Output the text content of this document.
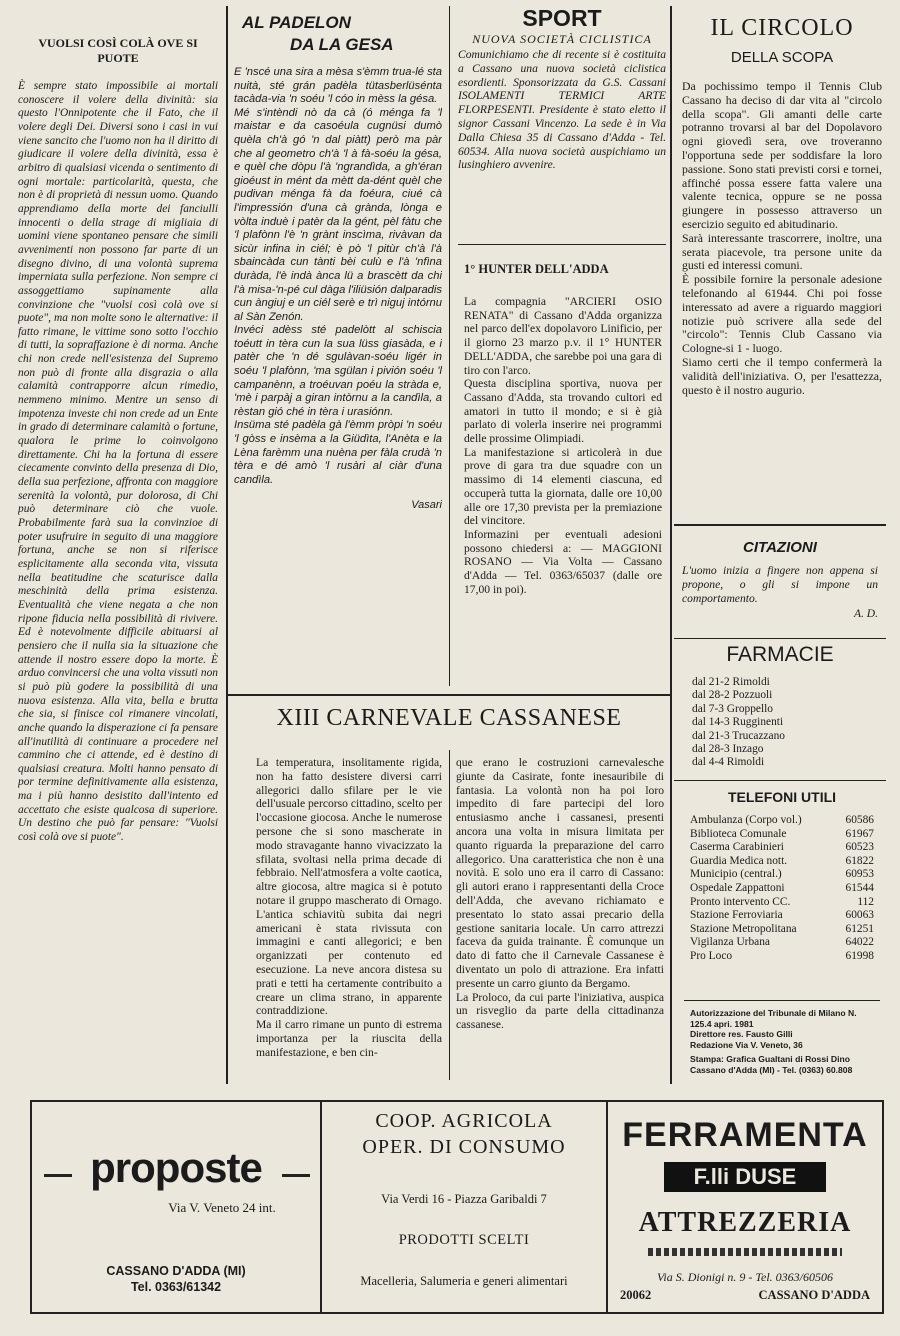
VUOLSI COSÌ COLÀ OVE SI PUOTE

È sempre stato impossibile ai mortali conoscere il volere della divinità: sia questo l'Onnipotente che il Fato, che il volere degli Dei. Diversi sono i casi in vui viene sancito che l'uomo non ha il diritto di giudicare il volere della divinità, essa è arbitro di qualsiasi vicenda o sentimento di ogni mortale: particolarità, questa, che non è di proprietà di nessun uomo. Quando apprendiamo della morte dei fanciulli innocenti o della strage di migliaia di uomini viene spontaneo pensare che simili avvenimenti non possono far parte di un disegno divino, di una volontà suprema imperniata sulla perfezione. Non sempre ci assoggettiamo supinamente alla convinzione che "vuolsi così colà ove si puote", ma non molte sono le alternative: il fatto rimane, le vittime sono sotto l'occhio di tutti, la sopraffazione è di norma. Anche chi non crede nell'esistenza del Supremo non può di fronte alla disgrazia o alla calamità contrapporre alcun rimedio, nemmeno minimo. Mentre un senso di impotenza investe chi non crede ad un Ente in grado di determinare calamità o fortune, qualora le prime lo coinvolgono direttamente. Chi ha la fortuna di essere ciecamente convinto della presenza di Dio, della sua perfezione, affronta con maggiore serenità la volontà, pur dolorosa, di Chi può determinare ciò che vuole. Probabilmente farà sua la convinzioe di poter usufruire in seguito di una maggiore fortuna, anche se non si riferisce esplicitamente alla seconda vita, vissuta nella beatitudine che scaturisce dalla meschinità della prima esistenza. Eventualità che viene negata a che non ripone fiducia nella possibilità di rivivere. Ed è notevolmente difficile abituarsi al pensiero che il nulla sia la situazione che attende il nostro essere dopo la morte. È arduo convincersi che una volta vissuti non si può più godere la possibilità di una nuova esistenza. Alla vita, bella e brutta che sia, si finisce col rimanere vincolati, anche quando la disperazione ci fa pensare all'inutilità di continuare a procedere nel cammino che ci attende, ed è destino di qualsiasi creatura. Molti hanno pensato di por termine definitivamente alla esistenza, ma i più hanno desistito dall'intento ed accettato che esiste qualcosa di superiore. Un destino che può far pensare: "Vuolsi così colà ove si puote".

AL PADELON
DA LA GESA

E 'nscé una sira a mèsa s'èmm trua-lé sta nuità, sté grán padèla tütasberlüsénta tacàda-via 'n soéu 'l cóo in mèss la gésa.

Mé s'intèndi nò da cà (ó ménga fa 'l maistar e da casoéula cugnüsi dumò quèla ch'à gó 'n dal piàtt) però ma pàr che al geometro ch'à 'l à fà-soéu la gésa, e quèl che dòpu l'à 'ngrandìda, a gh'éran gioéust in mént da mètt da-dént quèl che pudivan ménga fà da foéura, ciué cà l'impressión d'una cà grànda, lònga e vòlta induè i patèr da la gént, pèl fàtu che 'l plafònn l'è 'n grànt inscìma, rivàvan da sicùr infina in ciél; è pò 'l pitùr ch'à l'à sbaincàda cun tànti bèi culù e l'à 'nfìna duràda, l'è indà ànca lü a brascètt da chi l'à misa-'n-pé cul dàga l'iliüsión dalparadis cun àngiuj e un ciél serè e trì niguj intórnu al Sàn Zenón.

Invéci adèss sté padelòtt al schiscia toéutt in tèra cun la sua lüss giasàda, e i patèr che 'n dé sgulàvan-soéu ligér in soéu 'l plafònn, 'ma sgülan i pivión soéu 'l campanènn, a troéuvan poéu la stràda e, 'mè i parpàj a giran intòrnu a la candìla, a rèstan gió ché in tèra i urasiónn.

Insüma sté padèla gà l'èmm pròpi 'n soéu 'l gòss e insèma a la Giüdìta, l'Anèta e la Lèna farèmm una nuèna per fàla crudà 'n tèra e dé amò 'l rusàri al ciàr d'una candìla.

Vasari
SPORT
NUOVA SOCIETÀ CICLISTICA

Comunichiamo che di recente si è costituita a Cassano una nuova società ciclistica esordienti. Sponsorizzata da G.S. Cassani ISOLAMENTI TERMICI ARTE FLORPESENTI. Presidente è stato eletto il signor Cassani Vincenzo. La sede è in Via Dalla Chiesa 35 di Cassano d'Adda - Tel. 60534. Alla nuova società auspichiamo un lusinghiero avvenire.

1° HUNTER DELL'ADDA

La compagnia "ARCIERI OSIO RENATA" di Cassano d'Adda organizza nel parco dell'ex dopolavoro Linificio, per il giorno 23 marzo p.v. il 1° HUNTER DELL'ADDA, che sarebbe poi una gara di tiro con l'arco.

Questa disciplina sportiva, nuova per Cassano d'Adda, sta trovando cultori ed amatori in tutto il mondo; e si è già parlato di volerla inserire nei programmi delle prossime Olimpiadi.

La manifestazione si articolerà in due prove di gara tra due squadre con un massimo di 14 elementi ciascuna, ed occuperà tutta la giornata, dalle ore 10,00 alle ore 17,30 prevista per la premiazione del vincitore.

Informazini per eventuali adesioni possono chiedersi a: — MAGGIONI ROSANO — Via Volta — Cassano d'Adda — Tel. 0363/65037 (dalle ore 17,00 in poi).

IL CIRCOLO
DELLA SCOPA

Da pochissimo tempo il Tennis Club Cassano ha deciso di dar vita al "circolo della scopa". Gli amanti delle carte potranno trovarsi al bar del Dopolavoro ogni giovedì sera, ove troveranno l'opportuna sede per soddisfare la loro passione. Sono stati previsti corsi e tornei, affinché possa essere fatta valere una valente tecnica, oppure se ne possa giungere in possesso attraverso un esercizio seguito ed abitudinario.

Sarà interessante trascorrere, inoltre, una serata piacevole, tra persone unite da gusti ed interessi comuni.

È possibile fornire la personale adesione telefonando al 61944. Chi poi fosse interessato ad avere a riguardo maggiori notizie può scrivere alla sede del "circolo": Tennis Club Cassano via Cologne-si 1 - luogo.

Siamo certi che il tempo confermerà la validità dell'iniziativa. O, per l'esattezza, questo è il nostro augurio.

CITAZIONI

L'uomo inizia a fingere non appena si propone, o gli si impone un comportamento.

A. D.
FARMACIE
dal 21-2 Rimoldi
dal 28-2 Pozzuoli
dal 7-3 Groppello
dal 14-3 Rugginenti
dal 21-3 Trucazzano
dal 28-3 Inzago
dal 4-4 Rimoldi
TELEFONI UTILI
Ambulanza (Corpo vol.)	60586
Biblioteca Comunale	61967
Caserma Carabinieri	60523
Guardia Medica nott.	61822
Municipio (central.)	60953
Ospedale Zappattoni	61544
Pronto intervento CC.	112
Stazione Ferroviaria	60063
Stazione Metropolitana	61251
Vigilanza Urbana	64022
Pro Loco	61998
Autorizzazione del Tribunale di Milano N. 125.4 apri. 1981
Direttore res. Fausto Gilli
Redazione Via V. Veneto, 36
Stampa: Grafica Gualtani di Rossi Dino Cassano d'Adda (MI) - Tel. (0363) 60.808
XIII CARNEVALE CASSANESE

La temperatura, insolitamente rigida, non ha fatto desistere diversi carri allegorici dallo sfilare per le vie dell'usuale percorso cittadino, scelto per l'occasione giocosa. Anche le numerose persone che si sono mascherate in modo stravagante hanno vivacizzato la sfilata, svoltasi nella prima decade di febbraio. Nell'atmosfera a volte caotica, altre giocosa, altre magica si è potuto notare il gruppo mascherato di Ornago. L'antica schiavitù subita dai negri americani è stata rivissuta con immagini e canti allegorici; e ben organizzati per contenuto ed esecuzione. La neve ancora distesa su prati e tetti ha certamente contribuito a creare un clima strano, in apparente contraddizione.

Ma il carro rimane un punto di estrema importanza per la riuscita della manifestazione, e ben cin-

que erano le costruzioni carnevalesche giunte da Casirate, fonte inesauribile di fantasia. La volontà non ha poi loro impedito di fare partecipi del loro entusiasmo anche i cassanesi, presenti ancora una volta in misura limitata per quanto riguarda la preparazione del carro allegorico. Una caratteristica che non è una novità. E solo uno era il carro di Cassano: gli autori erano i rappresentanti della Croce dell'Adda, che avevano richiamato e presentato lo stato assai precario della gestione sanitaria locale. Un carro attrezzi faceva da guida trainante. È comunque un dato di fatto che il Carnevale Cassanese è diventato un polo di attrazione. Era infatti presente un carro giunto da Bergamo.

La Proloco, da cui parte l'iniziativa, auspica un risveglio da parte della cittadinanza cassanese.

proposte
Via V. Veneto 24 int.
CASSANO D'ADDA (MI)
Tel. 0363/61342
COOP. AGRICOLA
OPER. DI CONSUMO
Via Verdi 16 - Piazza Garibaldi 7
PRODOTTI SCELTI
Macelleria, Salumeria e generi alimentari
FERRAMENTA
F.lli DUSE
ATTREZZERIA
Via S. Dionigi n. 9 - Tel. 0363/60506
20062	CASSANO D'ADDA
